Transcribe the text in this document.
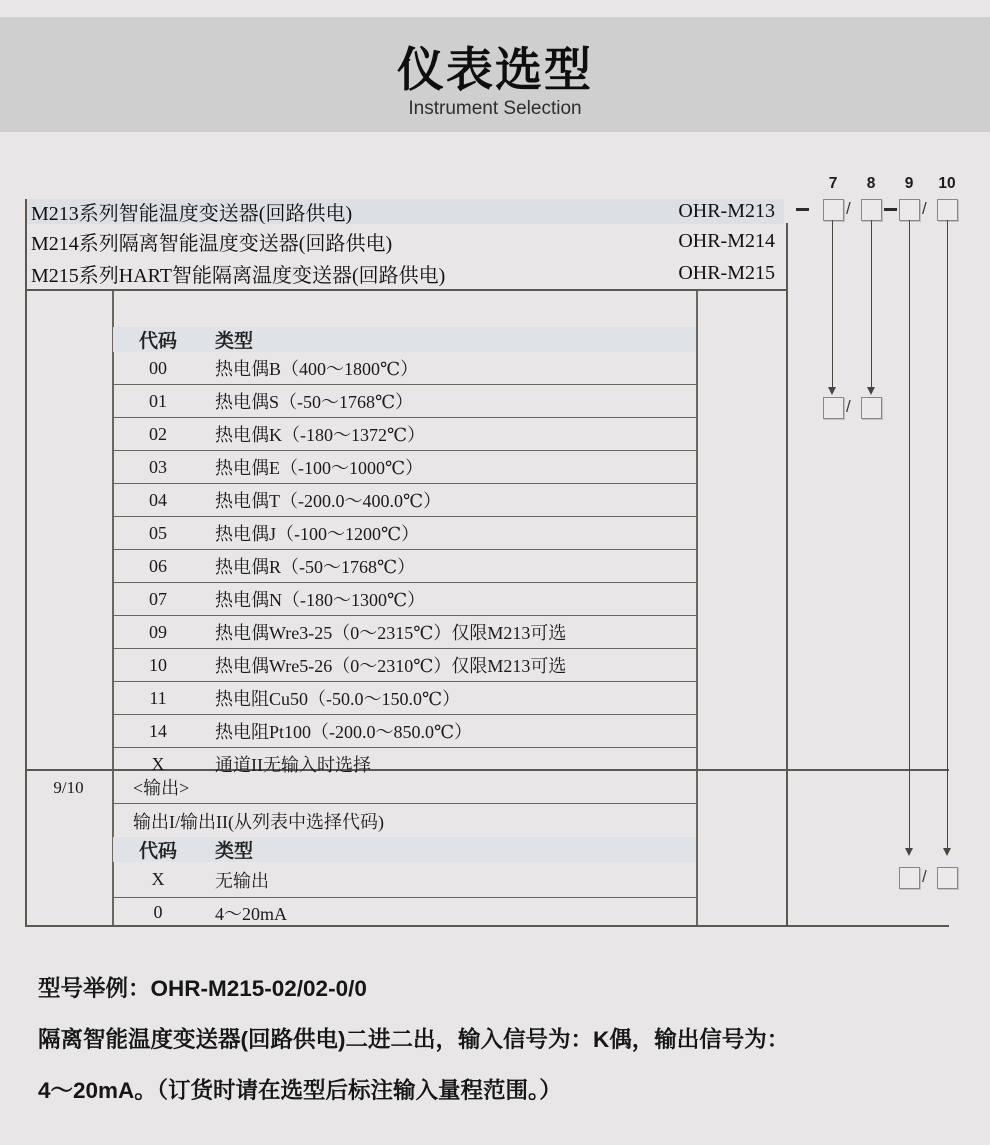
仪表选型
Instrument Selection
M213系列智能温度变送器(回路供电)	OHR-M213
M214系列隔离智能温度变送器(回路供电)	OHR-M214
M215系列HART智能隔离温度变送器(回路供电)	OHR-M215
代码	类型
00	热电偶B（400～1800℃）
01	热电偶S（-50～1768℃）
02	热电偶K（-180～1372℃）
03	热电偶E（-100～1000℃）
04	热电偶T（-200.0～400.0℃）
05	热电偶J（-100～1200℃）
06	热电偶R（-50～1768℃）
07	热电偶N（-180～1300℃）
09	热电偶Wre3-25（0～2315℃）仅限M213可选
10	热电偶Wre5-26（0～2310℃）仅限M213可选
11	热电阻Cu50（-50.0～150.0℃）
14	热电阻Pt100（-200.0～850.0℃）
X	通道II无输入时选择
9/10	<输出>
输出I/输出II(从列表中选择代码)
代码	类型
X	无输出
0	4～20mA
7	8	9	10
/	/
/
/
型号举例：OHR-M215-02/02-0/0
隔离智能温度变送器(回路供电)二进二出，输入信号为：K偶，输出信号为：
4～20mA。（订货时请在选型后标注输入量程范围。）
